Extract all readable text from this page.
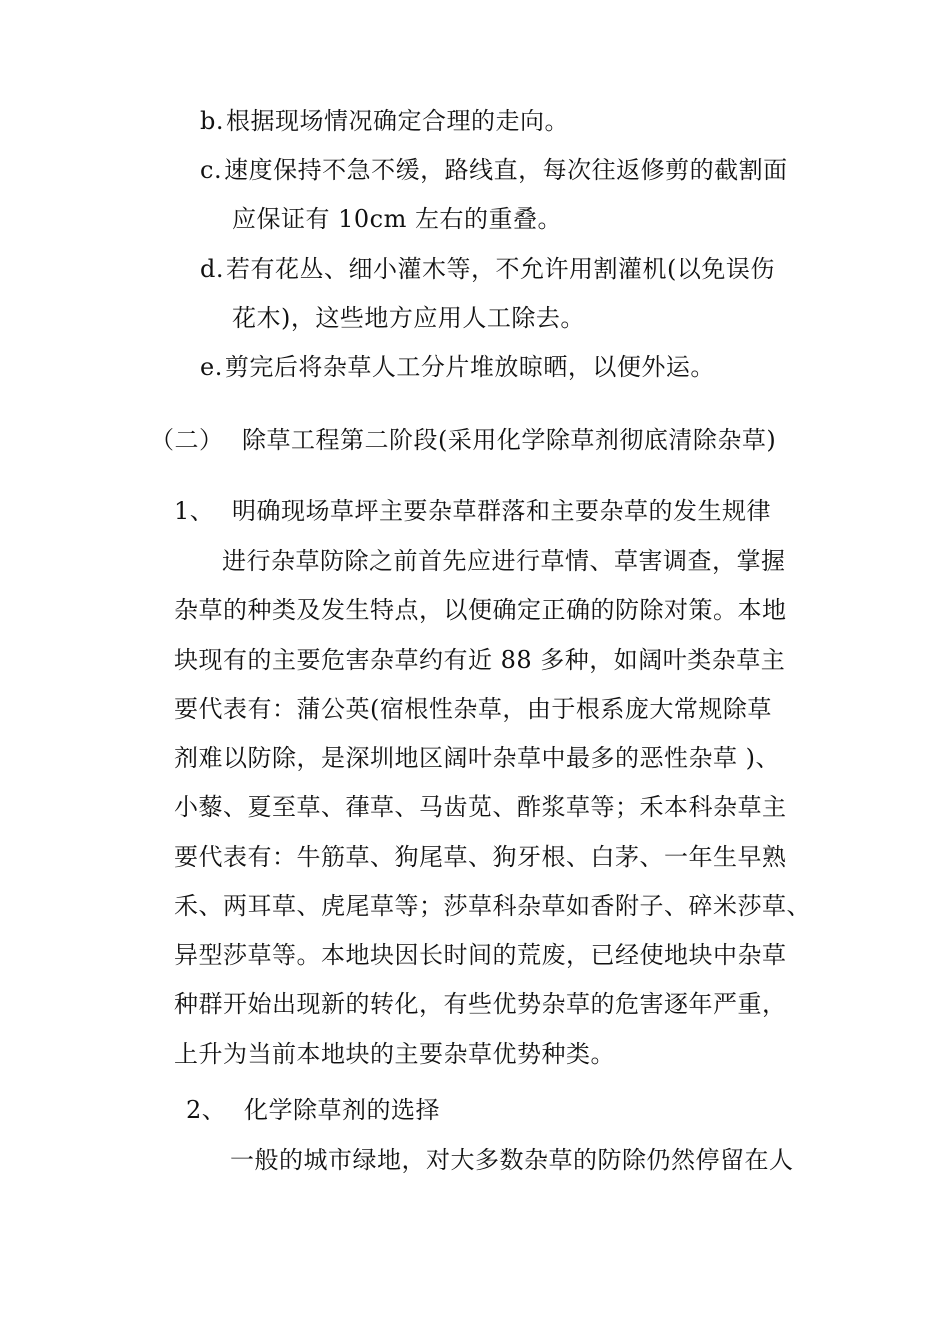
b.根据现场情况确定合理的走向。
c.速度保持不急不缓，路线直，每次往返修剪的截割面
应保证有 10cm 左右的重叠。
d.若有花丛、细小灌木等，不允许用割灌机(以免误伤
花木)，这些地方应用人工除去。
e.剪完后将杂草人工分片堆放晾晒，以便外运。
（二） 除草工程第二阶段(采用化学除草剂彻底清除杂草)
1、 明确现场草坪主要杂草群落和主要杂草的发生规律
进行杂草防除之前首先应进行草情、草害调查，掌握
杂草的种类及发生特点，以便确定正确的防除对策。本地
块现有的主要危害杂草约有近 88 多种，如阔叶类杂草主
要代表有：蒲公英(宿根性杂草，由于根系庞大常规除草
剂难以防除，是深圳地区阔叶杂草中最多的恶性杂草 )、
小藜、夏至草、葎草、马齿苋、酢浆草等；禾本科杂草主
要代表有：牛筋草、狗尾草、狗牙根、白茅、一年生早熟
禾、两耳草、虎尾草等；莎草科杂草如香附子、碎米莎草、
异型莎草等。本地块因长时间的荒废，已经使地块中杂草
种群开始出现新的转化，有些优势杂草的危害逐年严重，
上升为当前本地块的主要杂草优势种类。
2、 化学除草剂的选择
一般的城市绿地，对大多数杂草的防除仍然停留在人
